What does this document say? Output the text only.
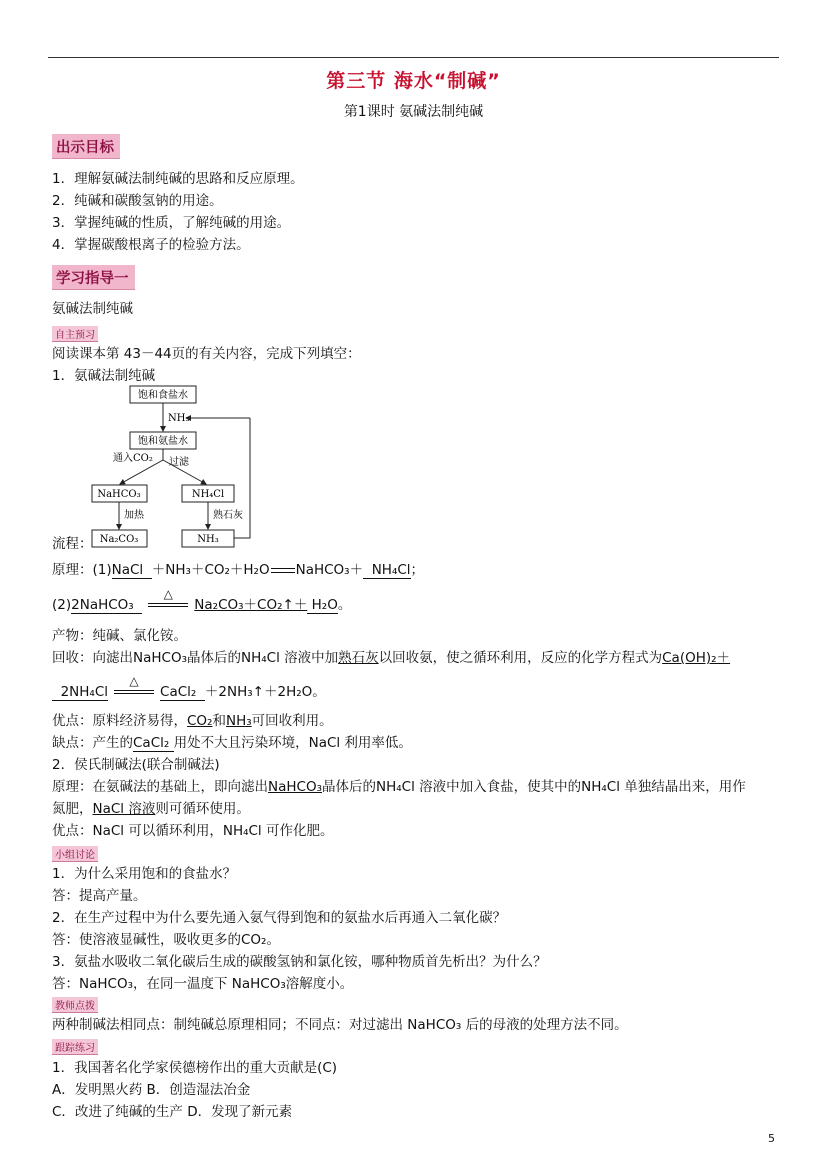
第三节 海水“制碱”
第1课时 氨碱法制纯碱
出示目标
1．理解氨碱法制纯碱的思路和反应原理。
2．纯碱和碳酸氢钠的用途。
3．掌握纯碱的性质，了解纯碱的用途。
4．掌握碳酸根离子的检验方法。
学习指导一
氨碱法制纯碱
自主预习
阅读课本第 43－44页的有关内容，完成下列填空：
1．氨碱法制纯碱
饱和食盐水
NH₃
饱和氨盐水
通入CO₂ 过滤
NaHCO₃	NH₄Cl
加热	熟石灰
Na₂CO₃	NH₃
流程：
原理：(1)NaCl ＋NH₃＋CO₂＋H₂O NaHCO₃＋ NH₄Cl；
(2)2NaHCO₃
△
Na₂CO₃＋CO₂↑＋ H₂O。
产物：纯碱、氯化铵。
回收：向滤出NaHCO₃晶体后的NH₄Cl 溶液中加熟石灰以回收氨，使之循环利用，反应的化学方程式为Ca(OH)₂＋
2NH₄Cl
△
CaCl₂ ＋2NH₃↑＋2H₂O。
优点：原料经济易得，CO₂和NH₃可回收利用。
缺点：产生的CaCl₂ 用处不大且污染环境，NaCl 利用率低。
2．侯氏制碱法(联合制碱法)
原理：在氨碱法的基础上，即向滤出NaHCO₃晶体后的NH₄Cl 溶液中加入食盐，使其中的NH₄Cl 单独结晶出来，用作
氮肥，NaCl 溶液则可循环使用。
优点：NaCl 可以循环利用，NH₄Cl 可作化肥。
小组讨论
1．为什么采用饱和的食盐水？
答：提高产量。
2．在生产过程中为什么要先通入氨气得到饱和的氨盐水后再通入二氧化碳？
答：使溶液显碱性，吸收更多的CO₂。
3．氨盐水吸收二氧化碳后生成的碳酸氢钠和氯化铵，哪种物质首先析出？为什么？
答：NaHCO₃，在同一温度下 NaHCO₃溶解度小。
教师点拨
两种制碱法相同点：制纯碱总原理相同；不同点：对过滤出 NaHCO₃ 后的母液的处理方法不同。
跟踪练习
1．我国著名化学家侯德榜作出的重大贡献是(C)
A．发明黑火药 B．创造湿法冶金
C．改进了纯碱的生产 D．发现了新元素
5
